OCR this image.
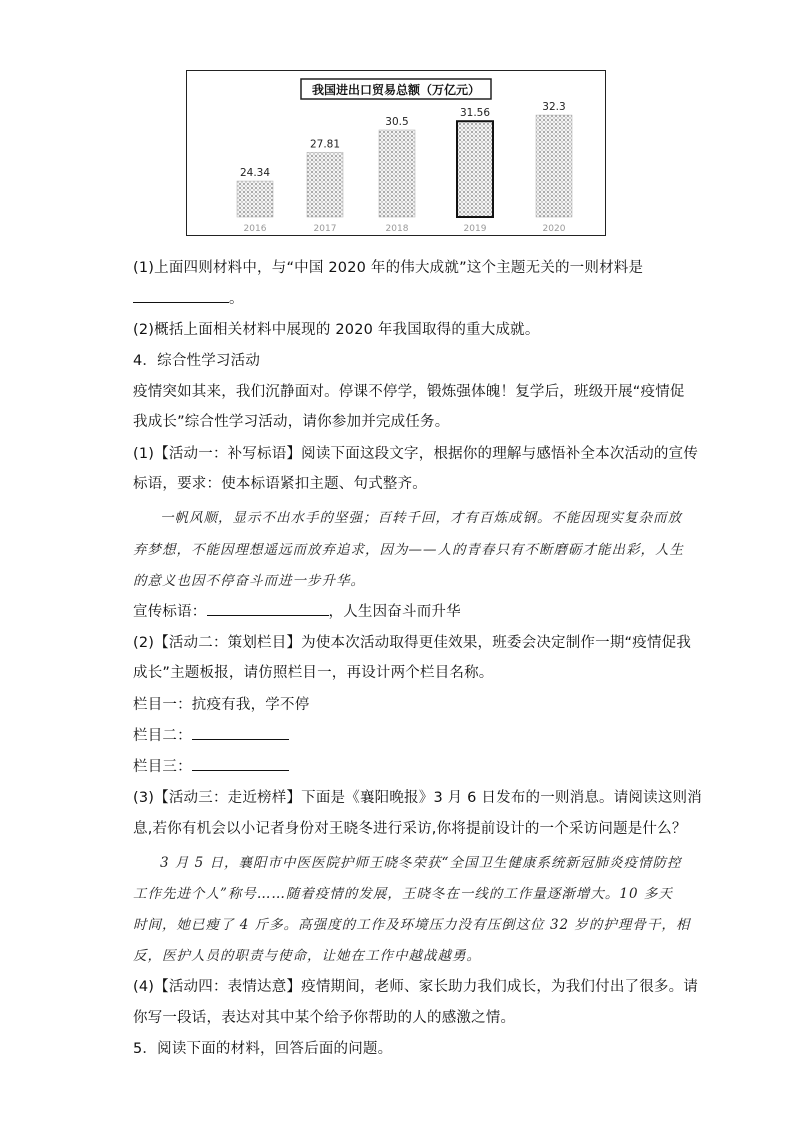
我国进出口贸易总额（万亿元）
24.34
2016
27.81
2017
30.5
2018
31.56
2019
32.3
2020
(1)上面四则材料中，与“中国 2020 年的伟大成就”这个主题无关的一则材料是
。
(2)概括上面相关材料中展现的 2020 年我国取得的重大成就。
4．综合性学习活动
疫情突如其来，我们沉静面对。停课不停学，锻炼强体魄！复学后，班级开展“疫情促
我成长”综合性学习活动，请你参加并完成任务。
(1)【活动一：补写标语】阅读下面这段文字，根据你的理解与感悟补全本次活动的宣传
标语，要求：使本标语紧扣主题、句式整齐。
一帆风顺，显示不出水手的坚强；百转千回，才有百炼成钢。不能因现实复杂而放
弃梦想，不能因理想遥远而放弃追求，因为——人的青春只有不断磨砺才能出彩，人生
的意义也因不停奋斗而进一步升华。
宣传标语：	，人生因奋斗而升华
(2)【活动二：策划栏目】为使本次活动取得更佳效果，班委会决定制作一期“疫情促我
成长”主题板报，请仿照栏目一，再设计两个栏目名称。
栏目一：抗疫有我，学不停
栏目二：
栏目三：
(3)【活动三：走近榜样】下面是《襄阳晚报》3 月 6 日发布的一则消息。请阅读这则消
息,若你有机会以小记者身份对王晓冬进行采访,你将提前设计的一个采访问题是什么？
3 月 5 日，襄阳市中医医院护师王晓冬荣获“全国卫生健康系统新冠肺炎疫情防控
工作先进个人”称号……随着疫情的发展，王晓冬在一线的工作量逐渐增大。10 多天
时间，她已瘦了 4 斤多。高强度的工作及环境压力没有压倒这位 32 岁的护理骨干，相
反，医护人员的职责与使命，让她在工作中越战越勇。
(4)【活动四：表情达意】疫情期间，老师、家长助力我们成长，为我们付出了很多。请
你写一段话，表达对其中某个给予你帮助的人的感激之情。
5．阅读下面的材料，回答后面的问题。
